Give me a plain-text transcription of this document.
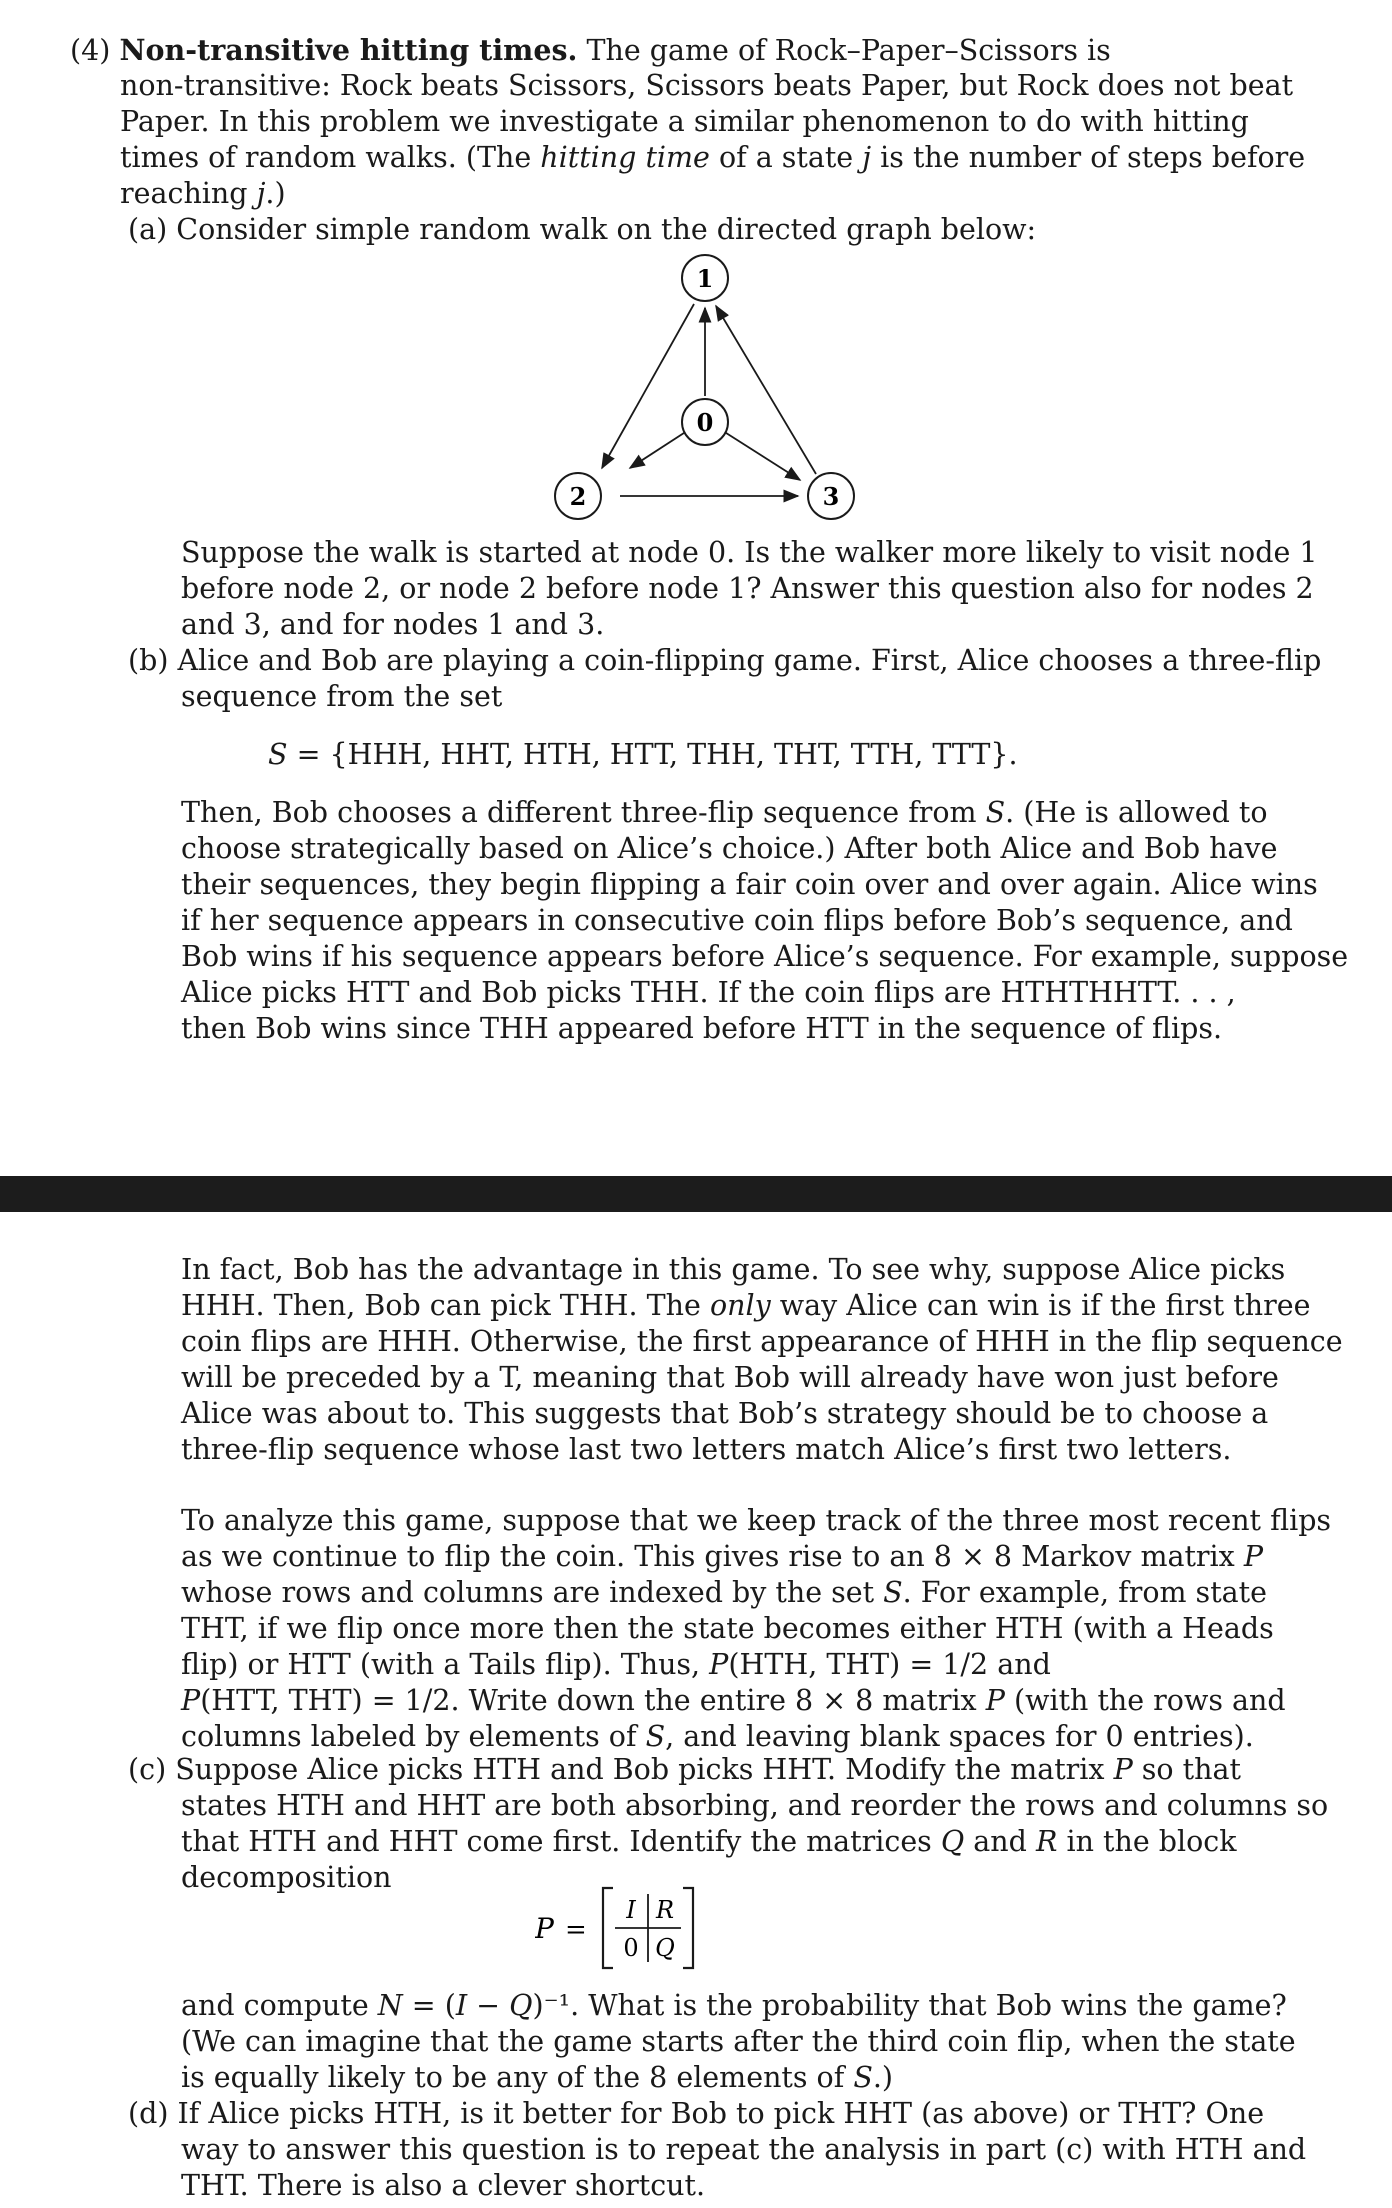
(4) Non-transitive hitting times. The game of Rock–Paper–Scissors is
non-transitive: Rock beats Scissors, Scissors beats Paper, but Rock does not beat
Paper. In this problem we investigate a similar phenomenon to do with hitting
times of random walks. (The hitting time of a state j is the number of steps before
reaching j.)
(a) Consider simple random walk on the directed graph below:
1
0
2	3
Suppose the walk is started at node 0. Is the walker more likely to visit node 1
before node 2, or node 2 before node 1? Answer this question also for nodes 2
and 3, and for nodes 1 and 3.
(b) Alice and Bob are playing a coin-flipping game. First, Alice chooses a three-flip
sequence from the set
S = {HHH, HHT, HTH, HTT, THH, THT, TTH, TTT}.
Then, Bob chooses a different three-flip sequence from S. (He is allowed to
choose strategically based on Alice’s choice.) After both Alice and Bob have
their sequences, they begin flipping a fair coin over and over again. Alice wins
if her sequence appears in consecutive coin flips before Bob’s sequence, and
Bob wins if his sequence appears before Alice’s sequence. For example, suppose
Alice picks HTT and Bob picks THH. If the coin flips are HTHTHHTT. . . ,
then Bob wins since THH appeared before HTT in the sequence of flips.
In fact, Bob has the advantage in this game. To see why, suppose Alice picks
HHH. Then, Bob can pick THH. The only way Alice can win is if the first three
coin flips are HHH. Otherwise, the first appearance of HHH in the flip sequence
will be preceded by a T, meaning that Bob will already have won just before
Alice was about to. This suggests that Bob’s strategy should be to choose a
three-flip sequence whose last two letters match Alice’s first two letters.
To analyze this game, suppose that we keep track of the three most recent flips
as we continue to flip the coin. This gives rise to an 8 × 8 Markov matrix P
whose rows and columns are indexed by the set S. For example, from state
THT, if we flip once more then the state becomes either HTH (with a Heads
flip) or HTT (with a Tails flip). Thus, P(HTH, THT) = 1/2 and
P(HTT, THT) = 1/2. Write down the entire 8 × 8 matrix P (with the rows and
columns labeled by elements of S, and leaving blank spaces for 0 entries).
(c) Suppose Alice picks HTH and Bob picks HHT. Modify the matrix P so that
states HTH and HHT are both absorbing, and reorder the rows and columns so
that HTH and HHT come first. Identify the matrices Q and R in the block
decomposition
P =
I R
0 Q
and compute N = (I − Q)⁻¹. What is the probability that Bob wins the game?
(We can imagine that the game starts after the third coin flip, when the state
is equally likely to be any of the 8 elements of S.)
(d) If Alice picks HTH, is it better for Bob to pick HHT (as above) or THT? One
way to answer this question is to repeat the analysis in part (c) with HTH and
THT. There is also a clever shortcut.
